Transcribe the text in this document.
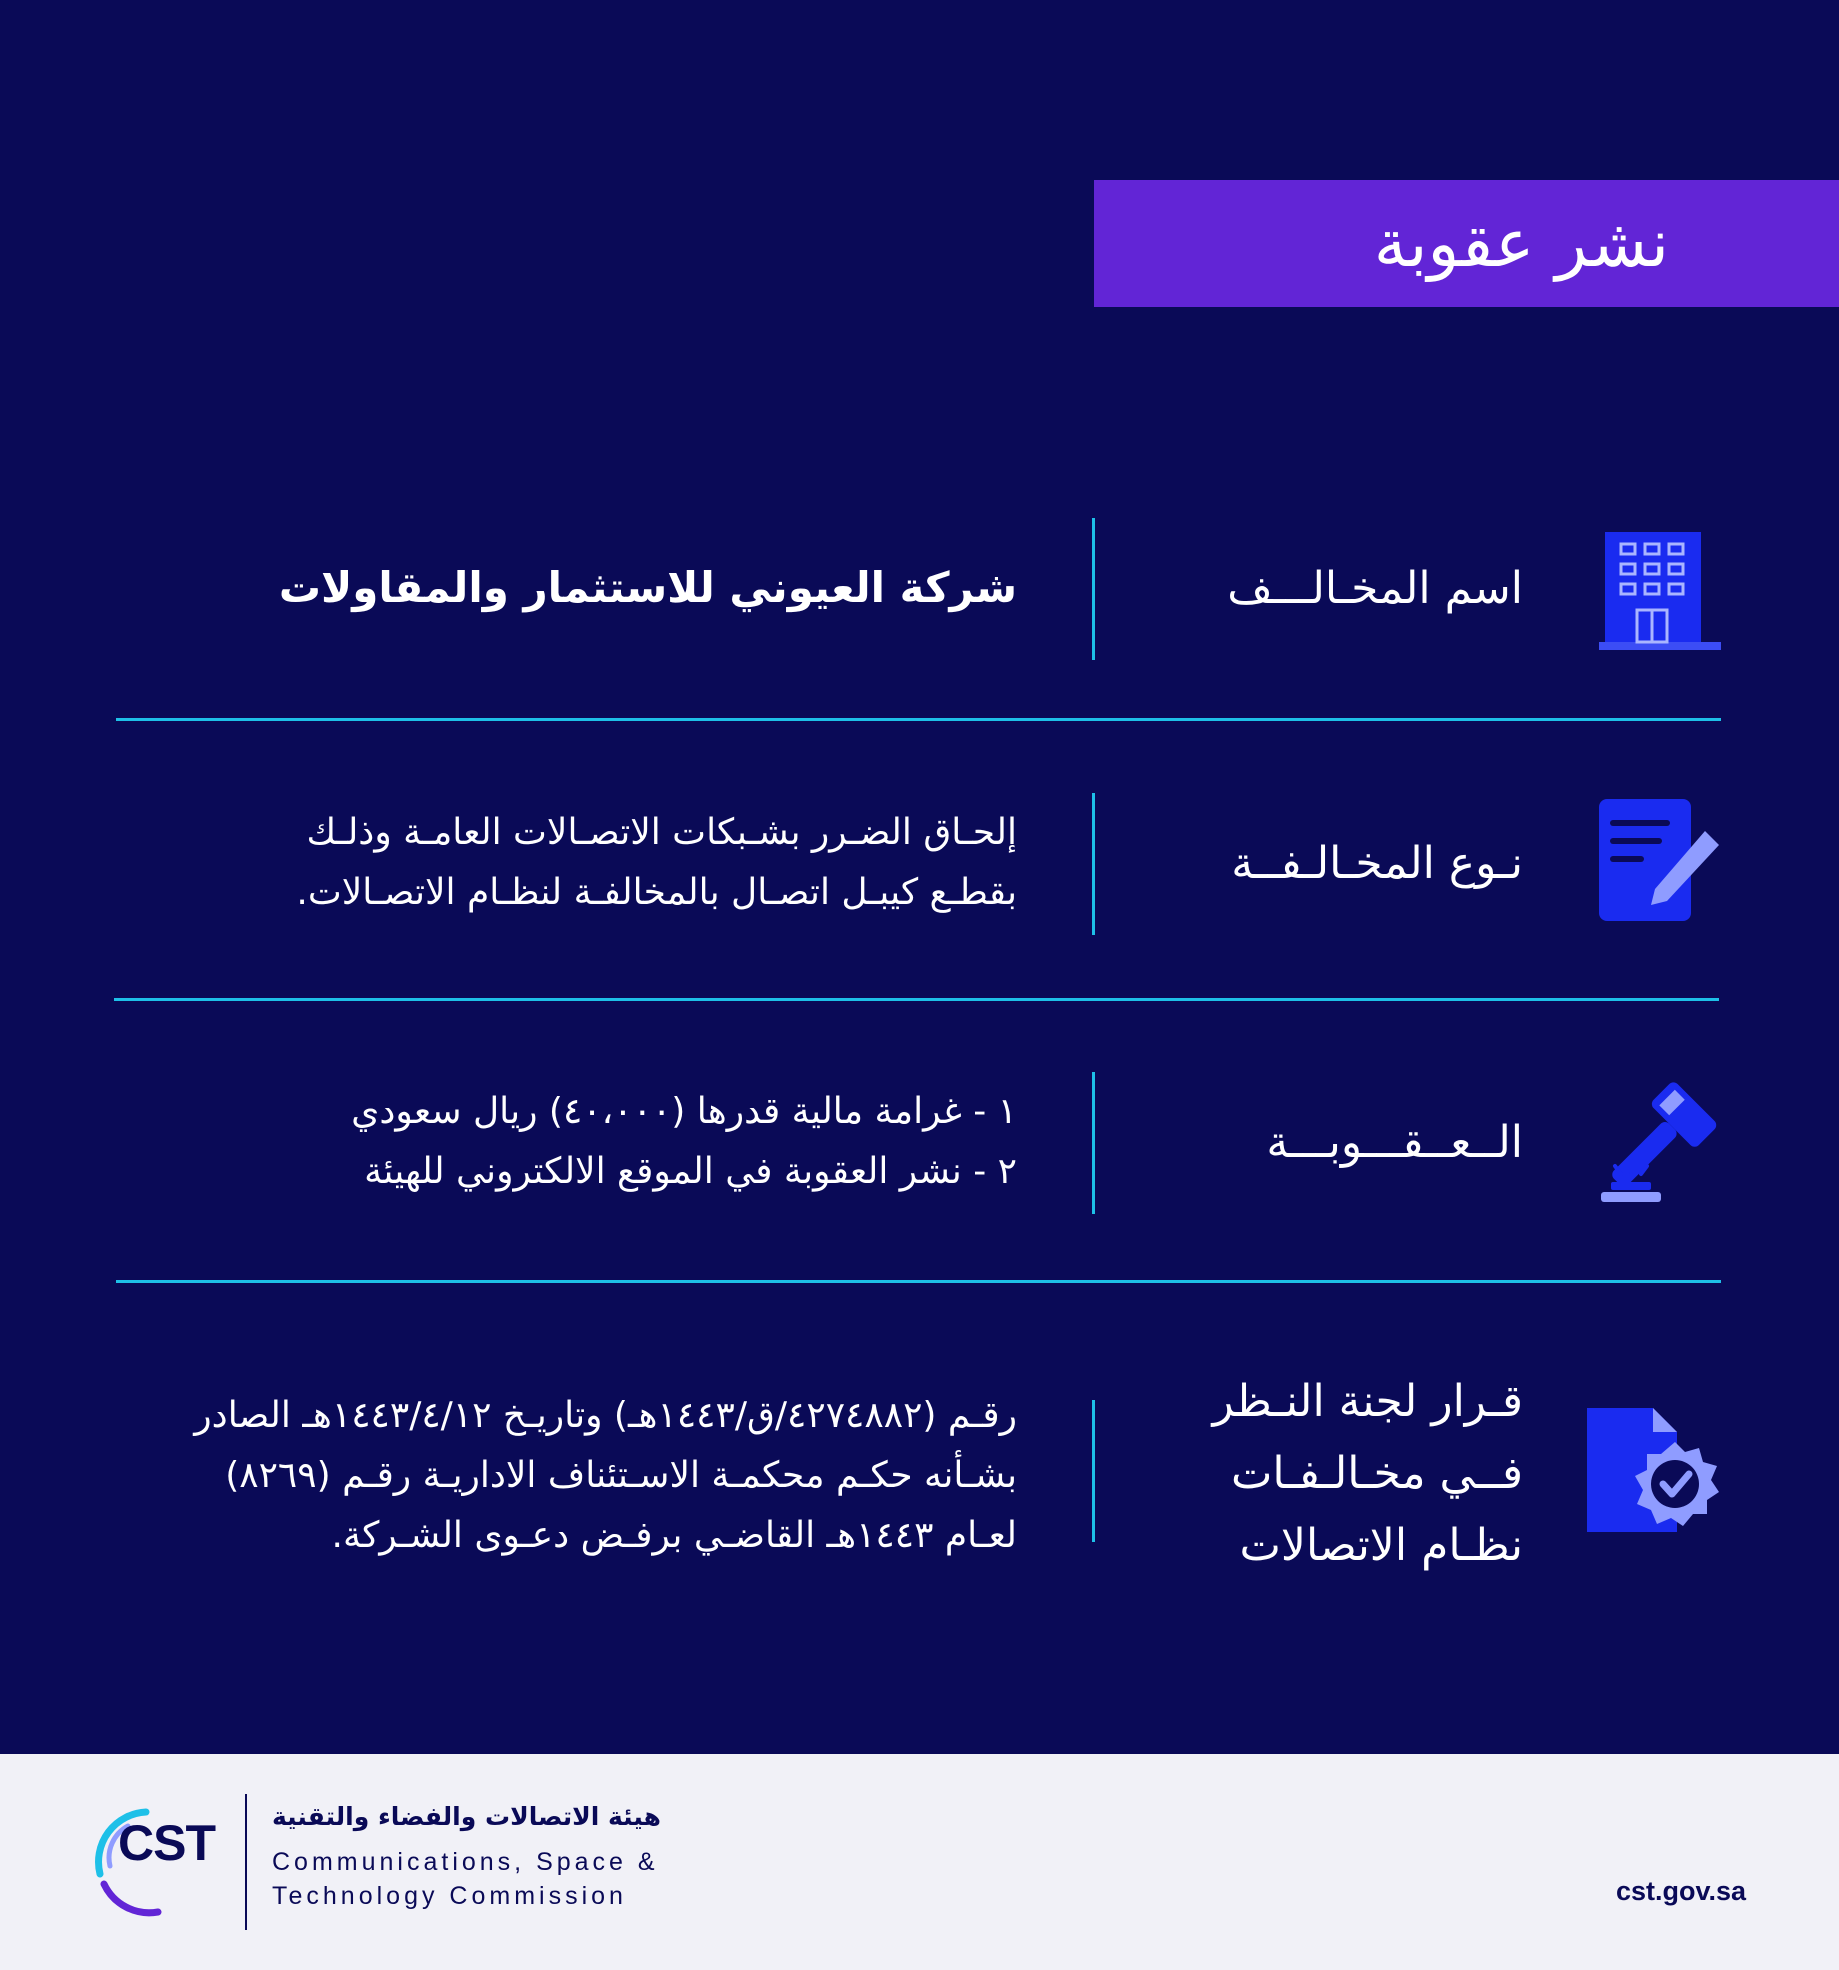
نشر عقوبة
اسم المخـالـــف

شركة العيوني للاستثمار والمقاولات

نـوع المخـالـفــة

إلحـاق الضـرر بشـبكات الاتصـالات العامـة وذلـك

بقطـع كيبـل اتصـال بالمخالفـة لنظـام الاتصـالات.

الــعــقـــوبـــة

١ - غرامة مالية قدرها (٤٠،٠٠٠) ريال سعودي

٢ - نشر العقوبة في الموقع الالكتروني للهيئة

قـرار لجنة النـظر
فــي مخـالـفـات
نظـام الاتصالات

رقـم (٤٢٧٤٨٨٢/ق/١٤٤٣هـ) وتاريـخ ١٤٤٣/٤/١٢هـ الصادر

بشـأنه حكـم محكمـة الاسـتئناف الاداريـة رقـم (٨٢٦٩)

لعـام ١٤٤٣هـ القاضـي برفـض دعـوى الشـركة.

CST هيئة الاتصالات والفضاء والتقنية
Communications, Space &
Technology Commission	cst.gov.sa
